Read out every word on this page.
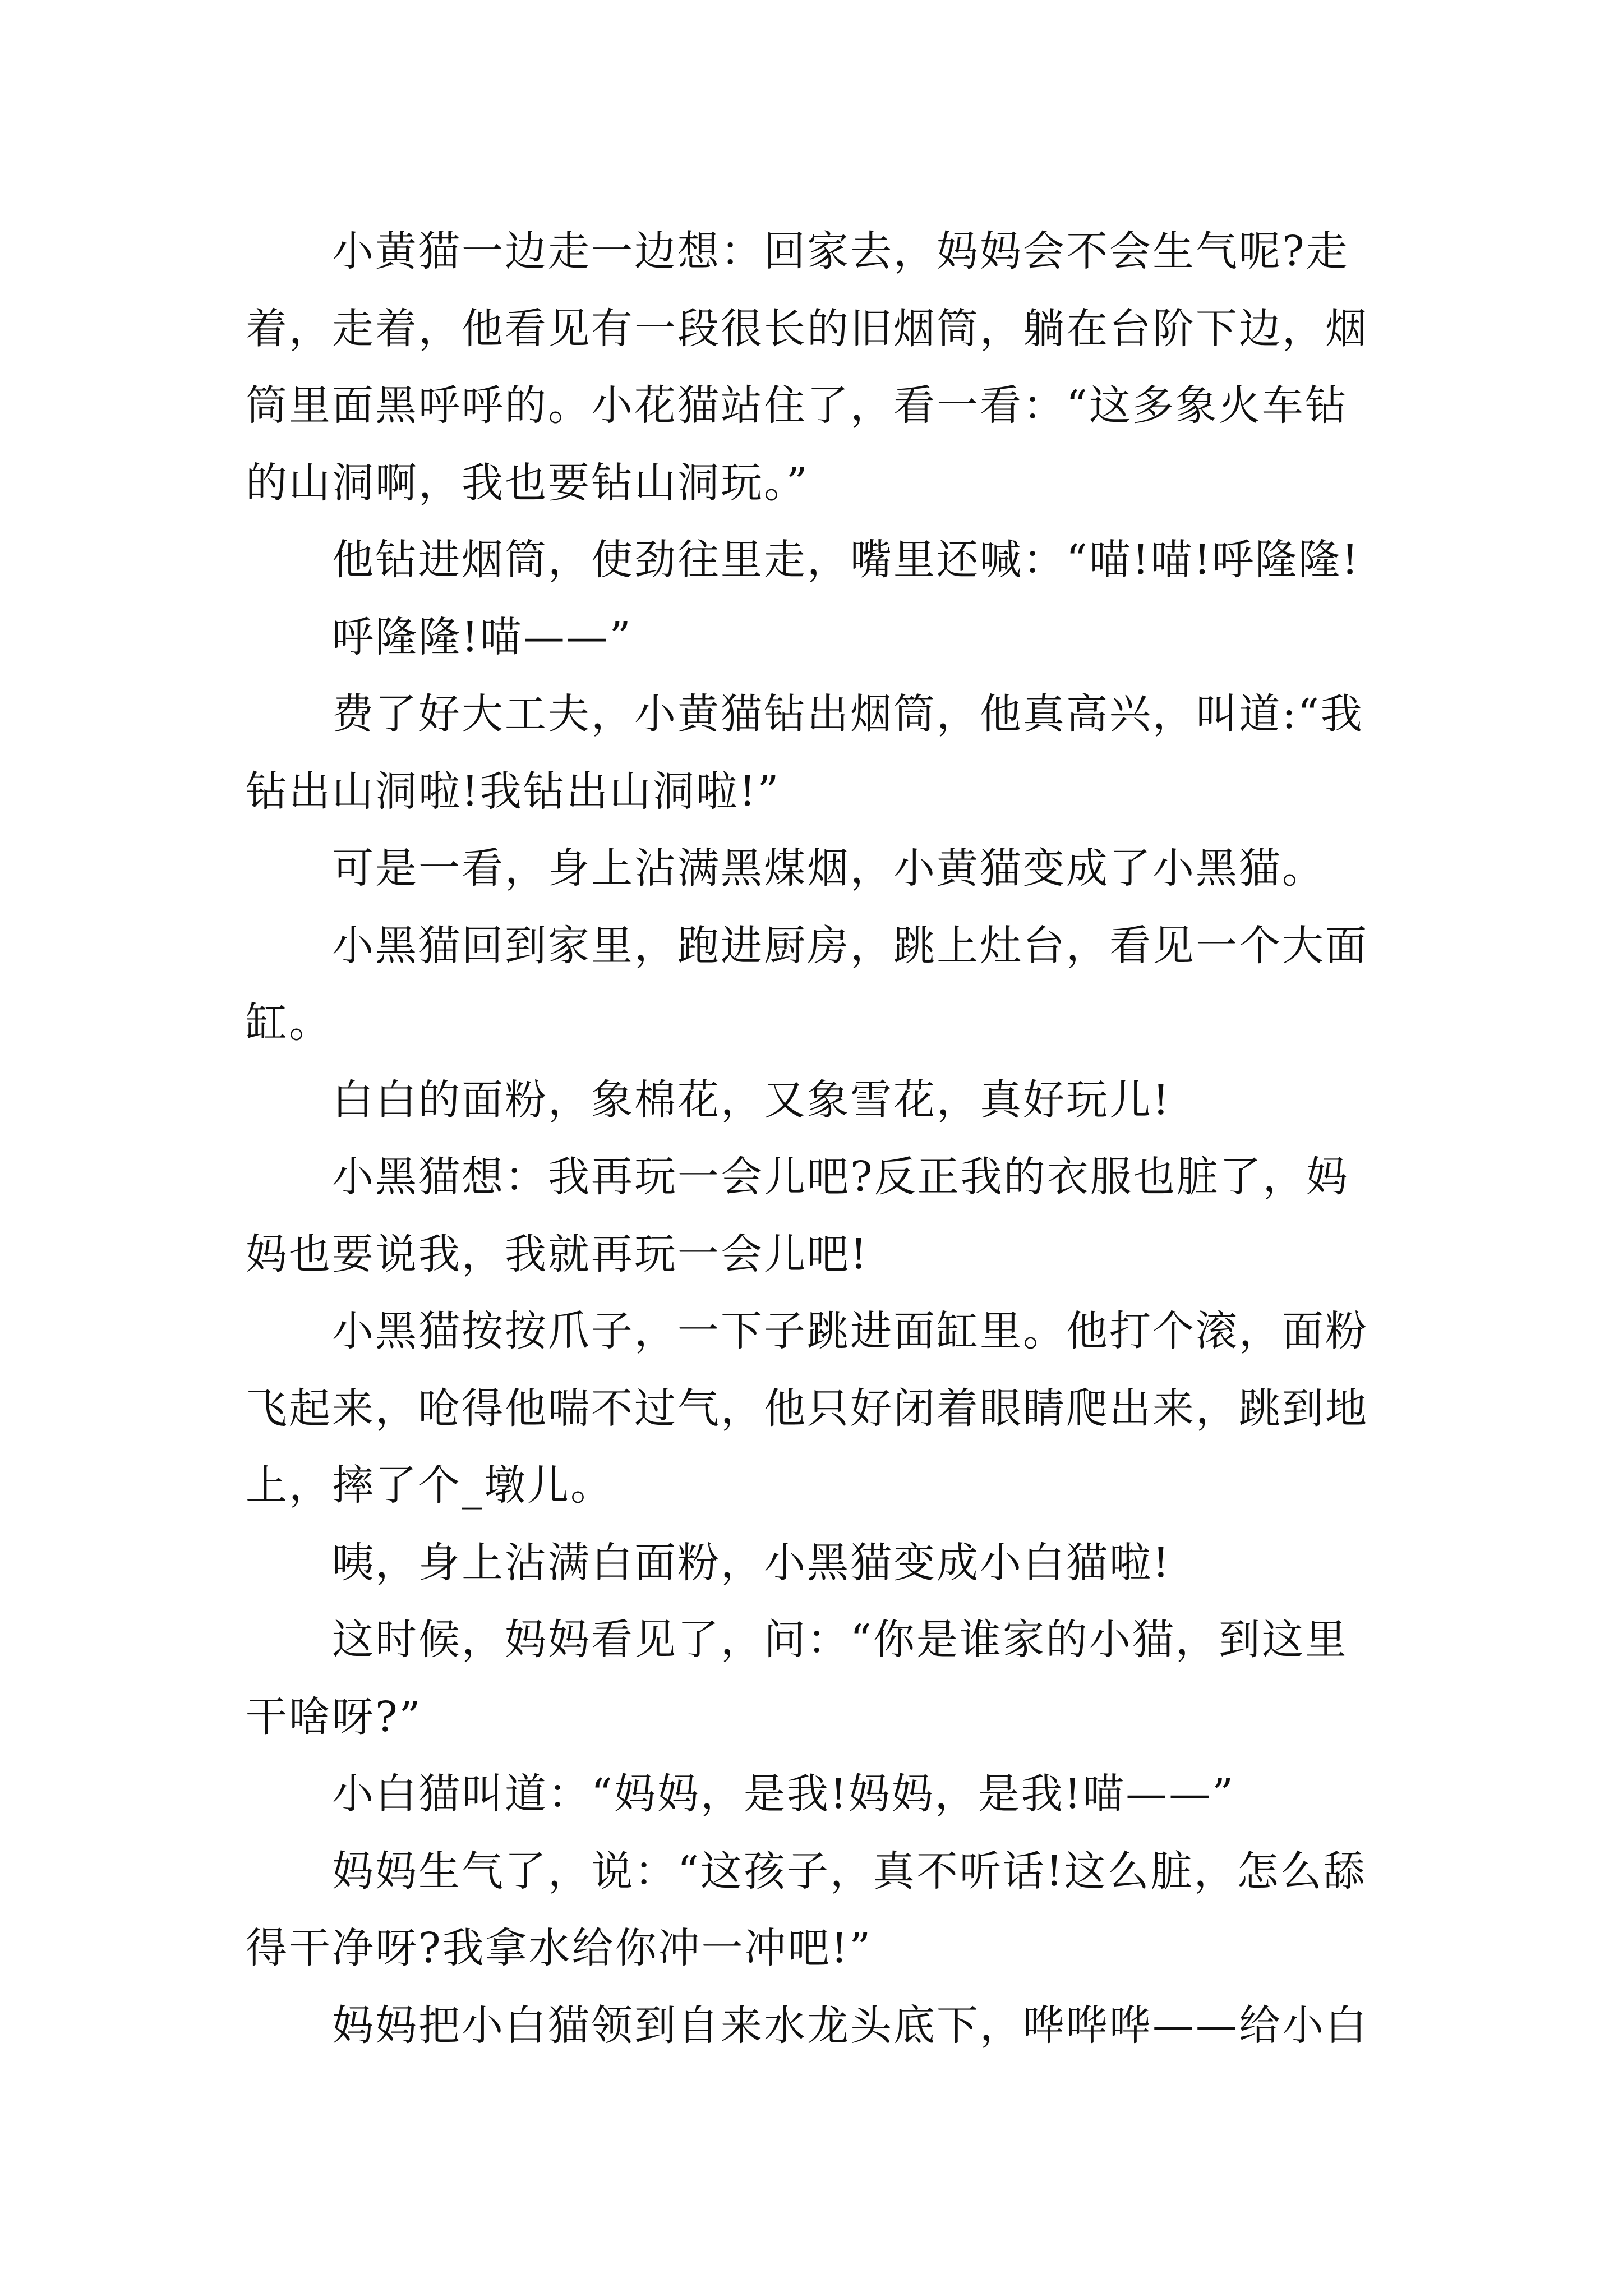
小黄猫一边走一边想：回家去，妈妈会不会生气呢?走
着，走着，他看见有一段很长的旧烟筒，躺在台阶下边，烟
筒里面黑呼呼的。小花猫站住了，看一看：“这多象火车钻
的山洞啊，我也要钻山洞玩。”
他钻进烟筒，使劲往里走，嘴里还喊：“喵!喵!呼隆隆!
呼隆隆!喵——”
费了好大工夫，小黄猫钻出烟筒，他真高兴，叫道:“我
钻出山洞啦!我钻出山洞啦!”
可是一看，身上沾满黑煤烟，小黄猫变成了小黑猫。
小黑猫回到家里，跑进厨房，跳上灶台，看见一个大面
缸。
白白的面粉，象棉花，又象雪花，真好玩儿!
小黑猫想：我再玩一会儿吧?反正我的衣服也脏了，妈
妈也要说我，我就再玩一会儿吧!
小黑猫按按爪子，一下子跳进面缸里。他打个滚，面粉
飞起来，呛得他喘不过气，他只好闭着眼睛爬出来，跳到地
上，摔了个_墩儿。
咦，身上沾满白面粉，小黑猫变成小白猫啦!
这时候，妈妈看见了，问：“你是谁家的小猫，到这里
干啥呀?”
小白猫叫道：“妈妈，是我!妈妈，是我!喵——”
妈妈生气了，说：“这孩子，真不听话!这么脏，怎么舔
得干净呀?我拿水给你冲一冲吧!”
妈妈把小白猫领到自来水龙头底下，哗哗哗——给小白
